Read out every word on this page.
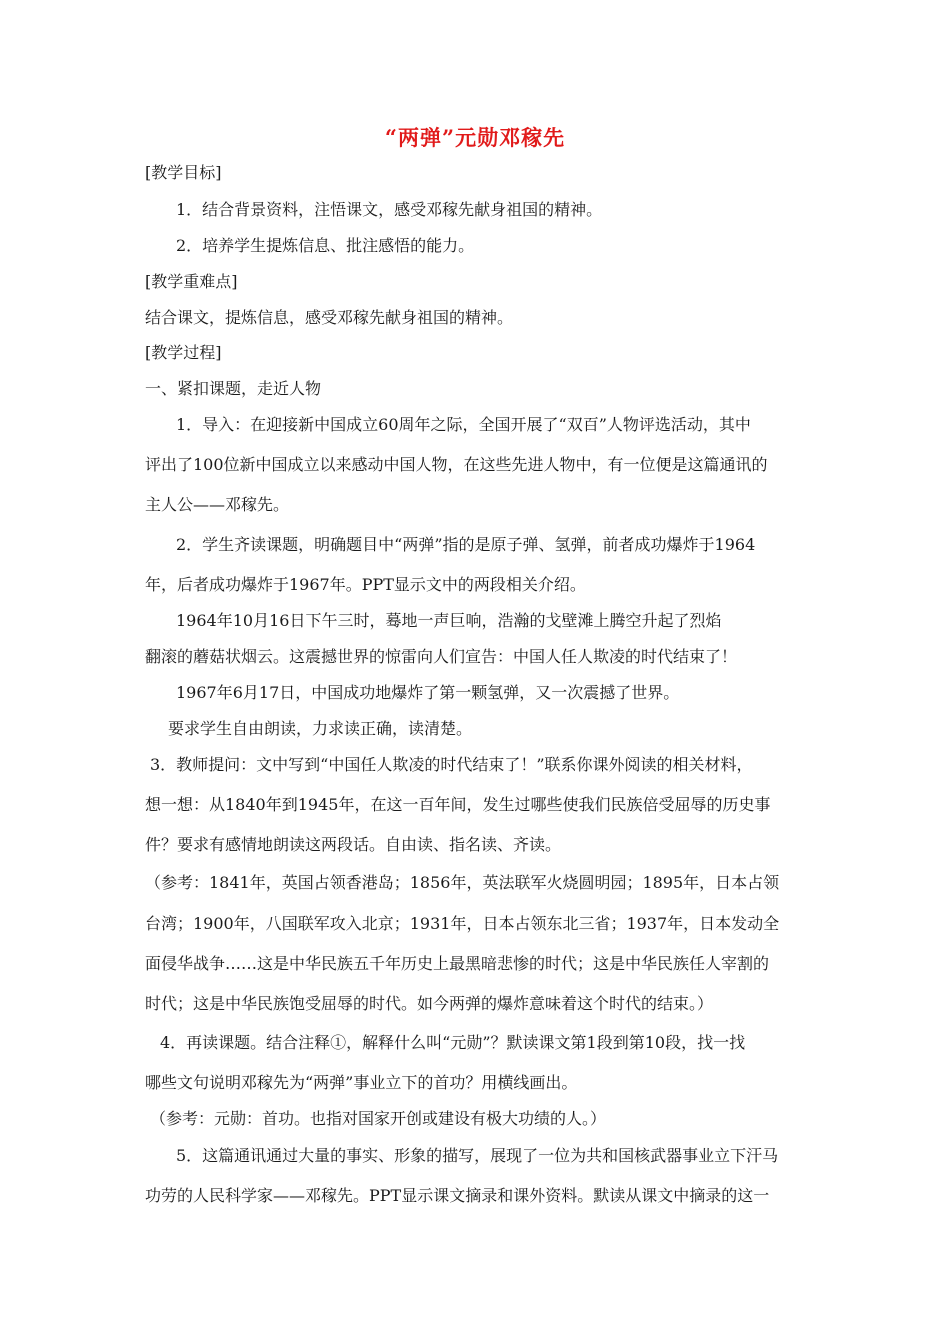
“两弹”元勋邓稼先
[教学目标]
1．结合背景资料，注悟课文，感受邓稼先献身祖国的精神。
2．培养学生提炼信息、批注感悟的能力。
[教学重难点]
结合课文，提炼信息，感受邓稼先献身祖国的精神。
[教学过程]
一、紧扣课题，走近人物
1．导入：在迎接新中国成立60周年之际，全国开展了“双百”人物评选活动，其中
评出了100位新中国成立以来感动中国人物，在这些先进人物中，有一位便是这篇通讯的
主人公——邓稼先。
2．学生齐读课题，明确题目中“两弹”指的是原子弹、氢弹，前者成功爆炸于1964
年，后者成功爆炸于1967年。PPT显示文中的两段相关介绍。
1964年10月16日下午三时，蓦地一声巨响，浩瀚的戈壁滩上腾空升起了烈焰
翻滚的蘑菇状烟云。这震撼世界的惊雷向人们宣告：中国人任人欺凌的时代结束了！
1967年6月17日，中国成功地爆炸了第一颗氢弹，又一次震撼了世界。
要求学生自由朗读，力求读正确，读清楚。
3．教师提问：文中写到“中国任人欺凌的时代结束了！”联系你课外阅读的相关材料，
想一想：从1840年到1945年，在这一百年间，发生过哪些使我们民族倍受屈辱的历史事
件？要求有感情地朗读这两段话。自由读、指名读、齐读。
（参考：1841年，英国占领香港岛；1856年，英法联军火烧圆明园；1895年，日本占领
台湾；1900年，八国联军攻入北京；1931年，日本占领东北三省；1937年，日本发动全
面侵华战争……这是中华民族五千年历史上最黑暗悲惨的时代；这是中华民族任人宰割的
时代；这是中华民族饱受屈辱的时代。如今两弹的爆炸意味着这个时代的结束。）
4．再读课题。结合注释①，解释什么叫“元勋”？默读课文第1段到第10段，找一找
哪些文句说明邓稼先为“两弹”事业立下的首功？用横线画出。
（参考：元勋：首功。也指对国家开创或建设有极大功绩的人。）
5．这篇通讯通过大量的事实、形象的描写，展现了一位为共和国核武器事业立下汗马
功劳的人民科学家——邓稼先。PPT显示课文摘录和课外资料。默读从课文中摘录的这一
